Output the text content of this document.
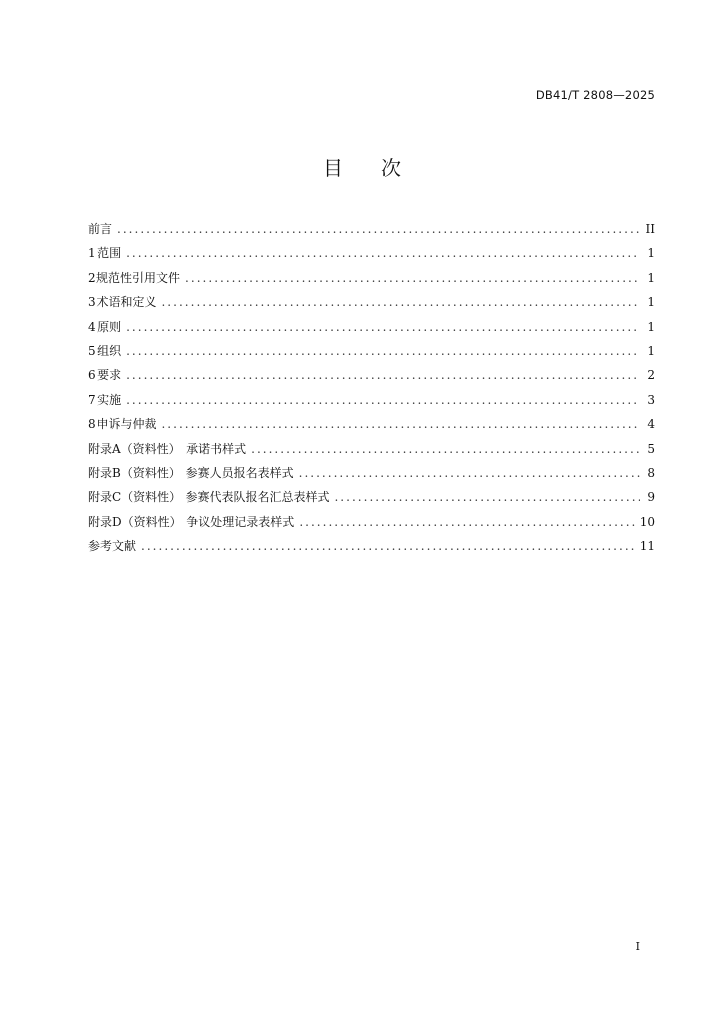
DB41/T 2808—2025
目次
前言 . . .	II
1 范围 . . .	1
2 规范性引用文件 . . .	1
3 术语和定义 . . .	1
4 原则 . . .	1
5 组织 . . .	1
6 要求 . . .	2
7 实施 . . .	3
8 申诉与仲裁 . . .	4
附录A（资料性） 承诺书样式 . . .	5
附录B（资料性） 参赛人员报名表样式 . . .	8
附录C（资料性） 参赛代表队报名汇总表样式 . . .	9
附录D（资料性） 争议处理记录表样式 . . .	10
参考文献 . . .	11
I
